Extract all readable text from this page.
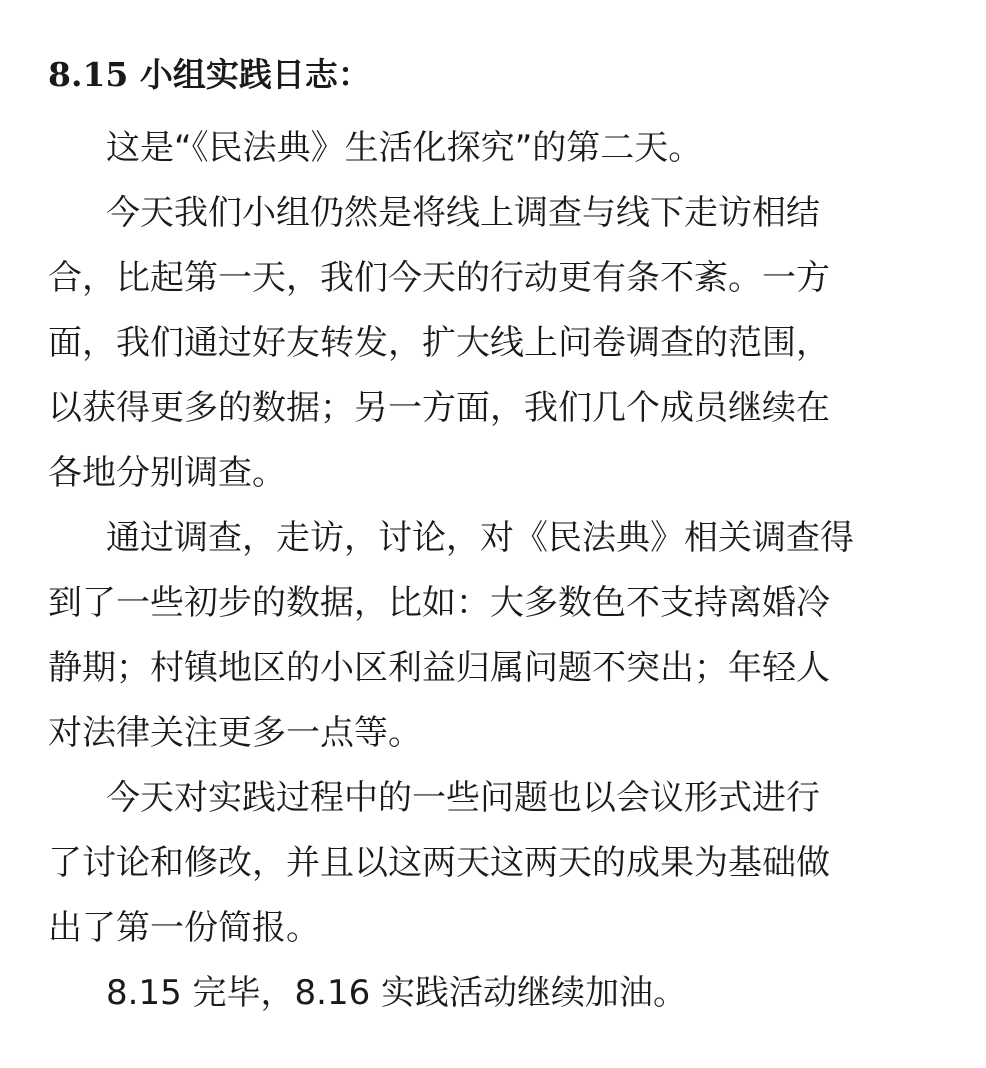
8.15 小组实践日志：
这是“《民法典》生活化探究”的第二天。
今天我们小组仍然是将线上调查与线下走访相结
合，比起第一天，我们今天的行动更有条不紊。一方
面，我们通过好友转发，扩大线上问卷调查的范围，
以获得更多的数据；另一方面，我们几个成员继续在
各地分别调查。
通过调查，走访，讨论，对《民法典》相关调查得
到了一些初步的数据，比如：大多数色不支持离婚冷
静期；村镇地区的小区利益归属问题不突出；年轻人
对法律关注更多一点等。
今天对实践过程中的一些问题也以会议形式进行
了讨论和修改，并且以这两天这两天的成果为基础做
出了第一份简报。
8.15 完毕，8.16 实践活动继续加油。
